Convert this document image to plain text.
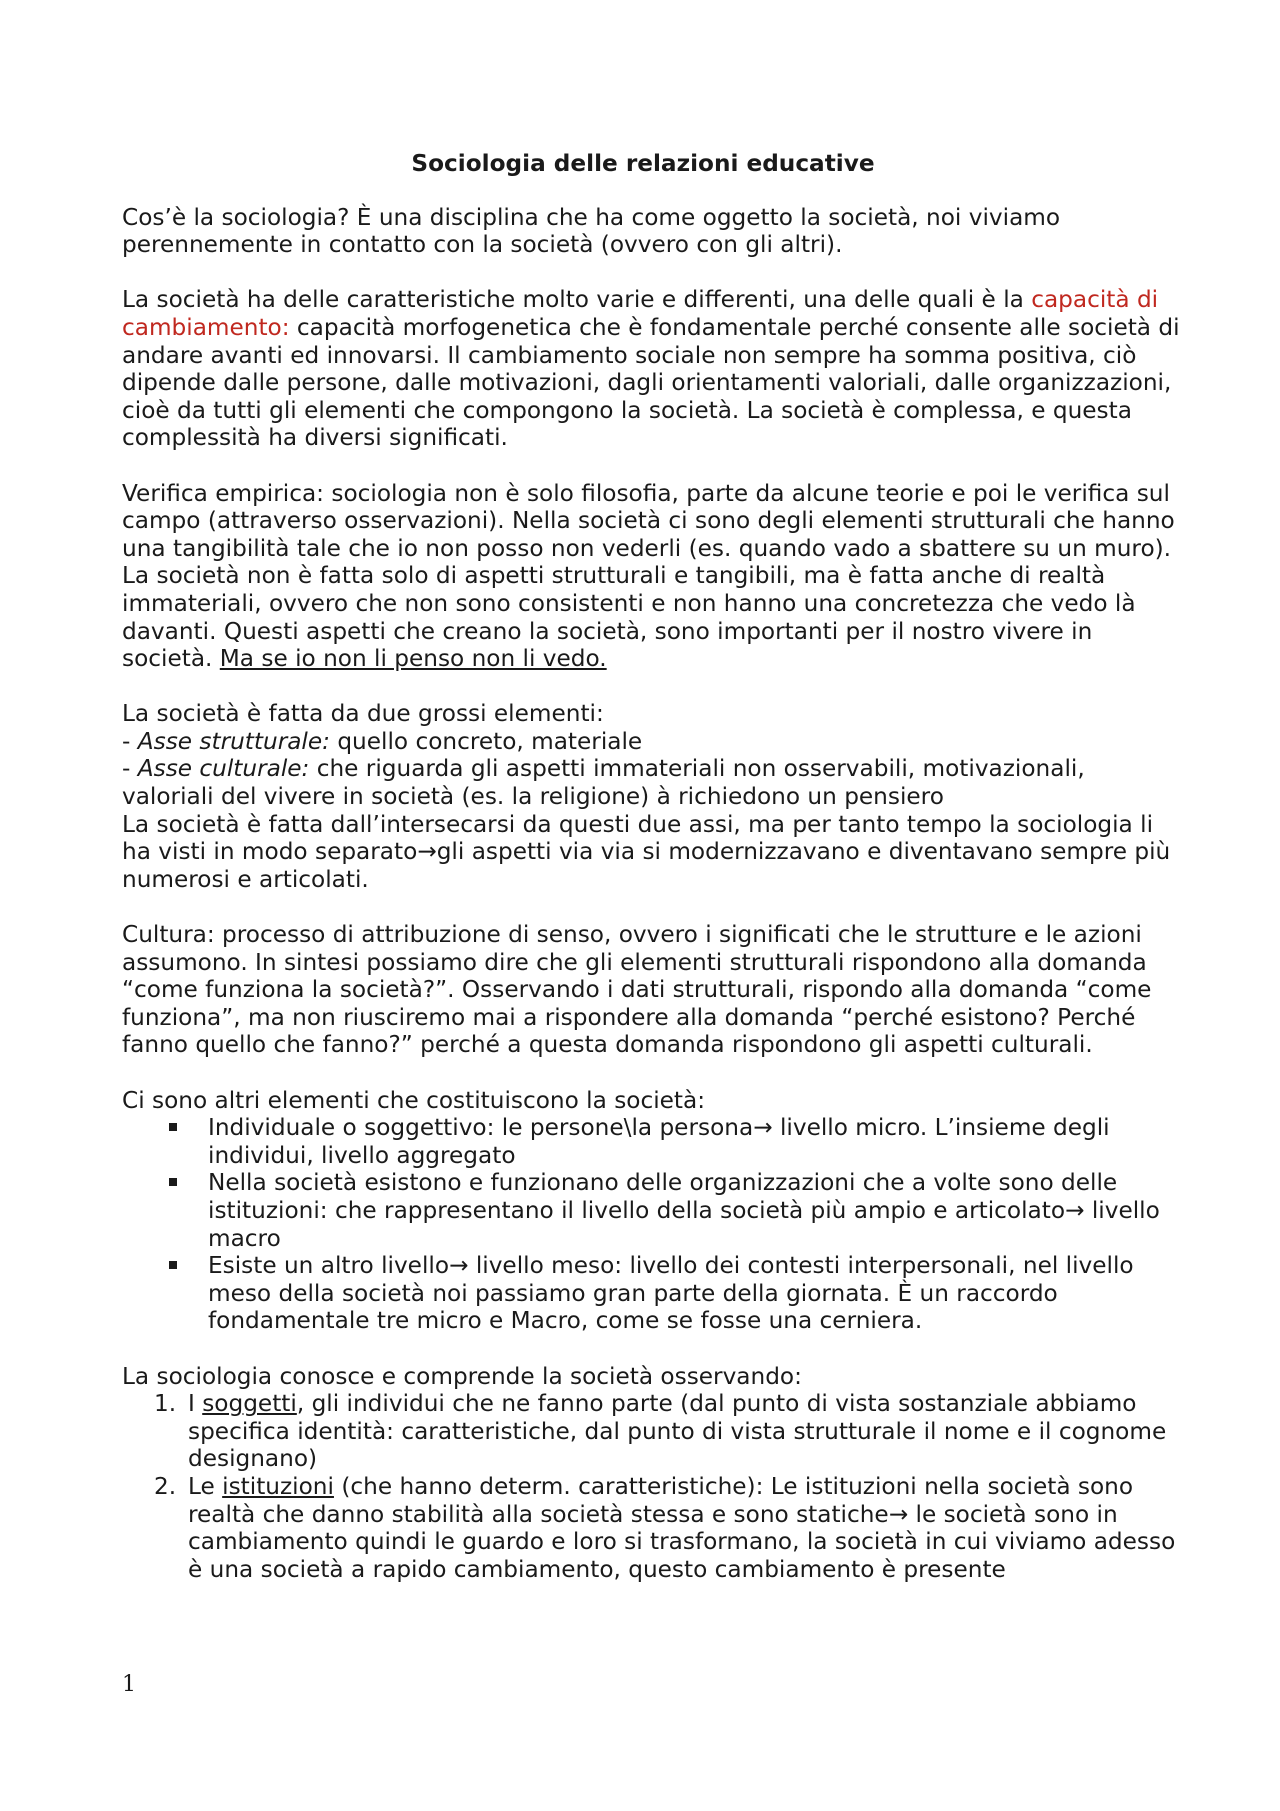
Sociologia delle relazioni educative

Cos’è la sociologia? È una disciplina che ha come oggetto la società, noi viviamo perennemente in contatto con la società (ovvero con gli altri).

La società ha delle caratteristiche molto varie e differenti, una delle quali è la capacità di cambiamento: capacità morfogenetica che è fondamentale perché consente alle società di andare avanti ed innovarsi. Il cambiamento sociale non sempre ha somma positiva, ciò dipende dalle persone, dalle motivazioni, dagli orientamenti valoriali, dalle organizzazioni, cioè da tutti gli elementi che compongono la società. La società è complessa, e questa complessità ha diversi significati.

Verifica empirica: sociologia non è solo filosofia, parte da alcune teorie e poi le verifica sul campo (attraverso osservazioni). Nella società ci sono degli elementi strutturali che hanno una tangibilità tale che io non posso non vederli (es. quando vado a sbattere su un muro).

La società non è fatta solo di aspetti strutturali e tangibili, ma è fatta anche di realtà immateriali, ovvero che non sono consistenti e non hanno una concretezza che vedo là davanti. Questi aspetti che creano la società, sono importanti per il nostro vivere in società. Ma se io non li penso non li vedo.

La società è fatta da due grossi elementi:

- Asse strutturale: quello concreto, materiale

- Asse culturale: che riguarda gli aspetti immateriali non osservabili, motivazionali, valoriali del vivere in società (es. la religione) à richiedono un pensiero

La società è fatta dall’intersecarsi da questi due assi, ma per tanto tempo la sociologia li ha visti in modo separato→gli aspetti via via si modernizzavano e diventavano sempre più numerosi e articolati.

Cultura: processo di attribuzione di senso, ovvero i significati che le strutture e le azioni assumono. In sintesi possiamo dire che gli elementi strutturali rispondono alla domanda “come funziona la società?”. Osservando i dati strutturali, rispondo alla domanda “come funziona”, ma non riusciremo mai a rispondere alla domanda “perché esistono? Perché fanno quello che fanno?” perché a questa domanda rispondono gli aspetti culturali.

Ci sono altri elementi che costituiscono la società:

Individuale o soggettivo: le persone\la persona→ livello micro. L’insieme degli individui, livello aggregato
Nella società esistono e funzionano delle organizzazioni che a volte sono delle istituzioni: che rappresentano il livello della società più ampio e articolato→ livello macro
Esiste un altro livello→ livello meso: livello dei contesti interpersonali, nel livello meso della società noi passiamo gran parte della giornata. È un raccordo fondamentale tre micro e Macro, come se fosse una cerniera.

La sociologia conosce e comprende la società osservando:

1. I soggetti, gli individui che ne fanno parte (dal punto di vista sostanziale abbiamo specifica identità: caratteristiche, dal punto di vista strutturale il nome e il cognome designano)
2. Le istituzioni (che hanno determ. caratteristiche): Le istituzioni nella società sono realtà che danno stabilità alla società stessa e sono statiche→ le società sono in cambiamento quindi le guardo e loro si trasformano, la società in cui viviamo adesso è una società a rapido cambiamento, questo cambiamento è presente
1
